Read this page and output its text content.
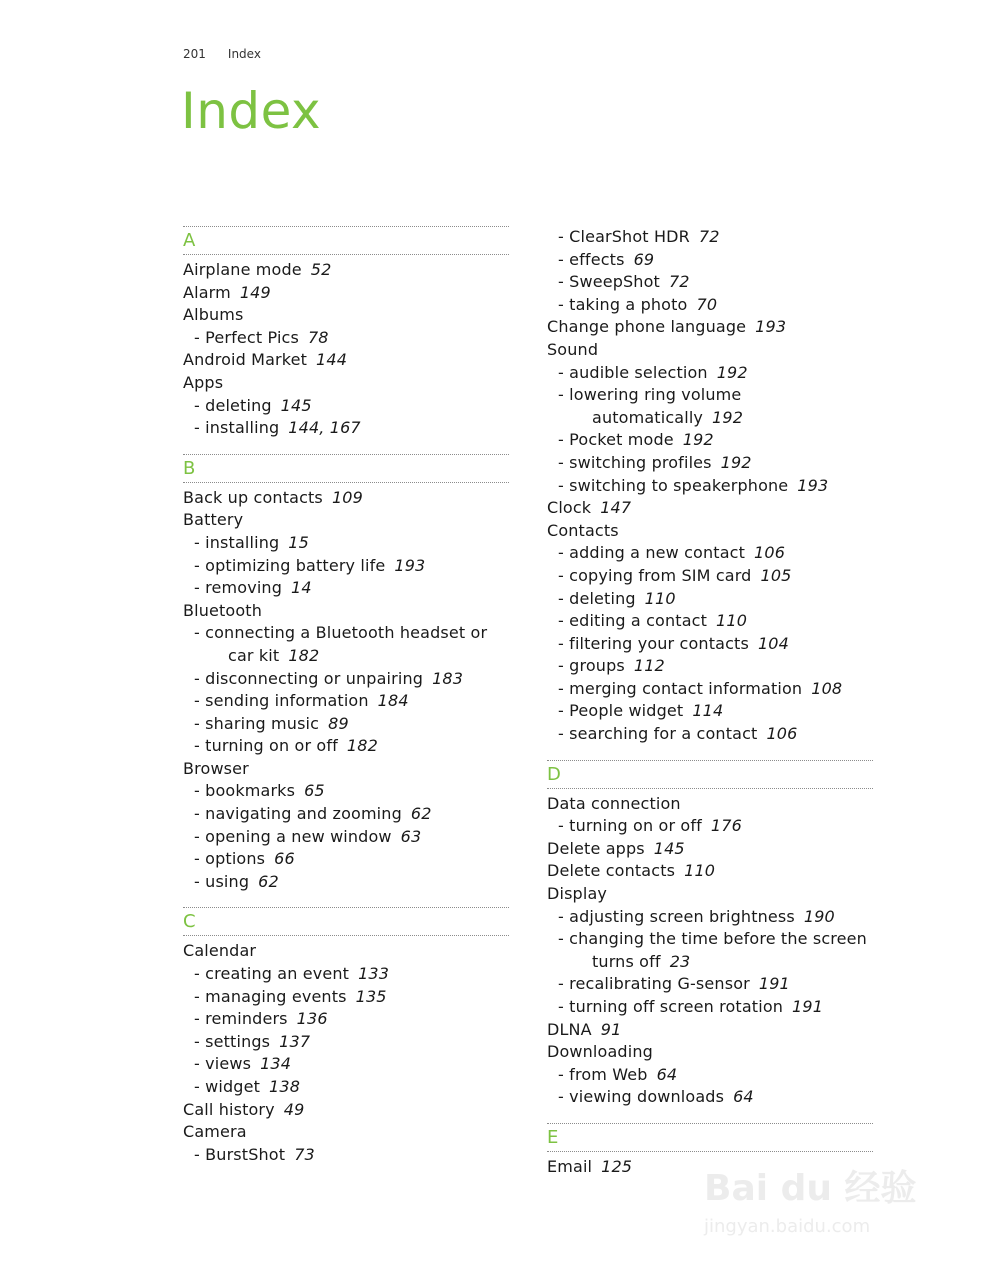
201 Index
Index
A
Airplane mode 52
Alarm 149
Albums
- Perfect Pics 78
Android Market 144
Apps
- deleting 145
- installing 144, 167
B
Back up contacts 109
Battery
- installing 15
- optimizing battery life 193
- removing 14
Bluetooth
- connecting a Bluetooth headset or
car kit 182
- disconnecting or unpairing 183
- sending information 184
- sharing music 89
- turning on or off 182
Browser
- bookmarks 65
- navigating and zooming 62
- opening a new window 63
- options 66
- using 62
C
Calendar
- creating an event 133
- managing events 135
- reminders 136
- settings 137
- views 134
- widget 138
Call history 49
Camera
- BurstShot 73
- ClearShot HDR 72
- effects 69
- SweepShot 72
- taking a photo 70
Change phone language 193
Sound
- audible selection 192
- lowering ring volume
automatically 192
- Pocket mode 192
- switching profiles 192
- switching to speakerphone 193
Clock 147
Contacts
- adding a new contact 106
- copying from SIM card 105
- deleting 110
- editing a contact 110
- filtering your contacts 104
- groups 112
- merging contact information 108
- People widget 114
- searching for a contact 106
D
Data connection
- turning on or off 176
Delete apps 145
Delete contacts 110
Display
- adjusting screen brightness 190
- changing the time before the screen
turns off 23
- recalibrating G-sensor 191
- turning off screen rotation 191
DLNA 91
Downloading
- from Web 64
- viewing downloads 64
E
Email 125
Bai du 经验
jingyan.baidu.com
